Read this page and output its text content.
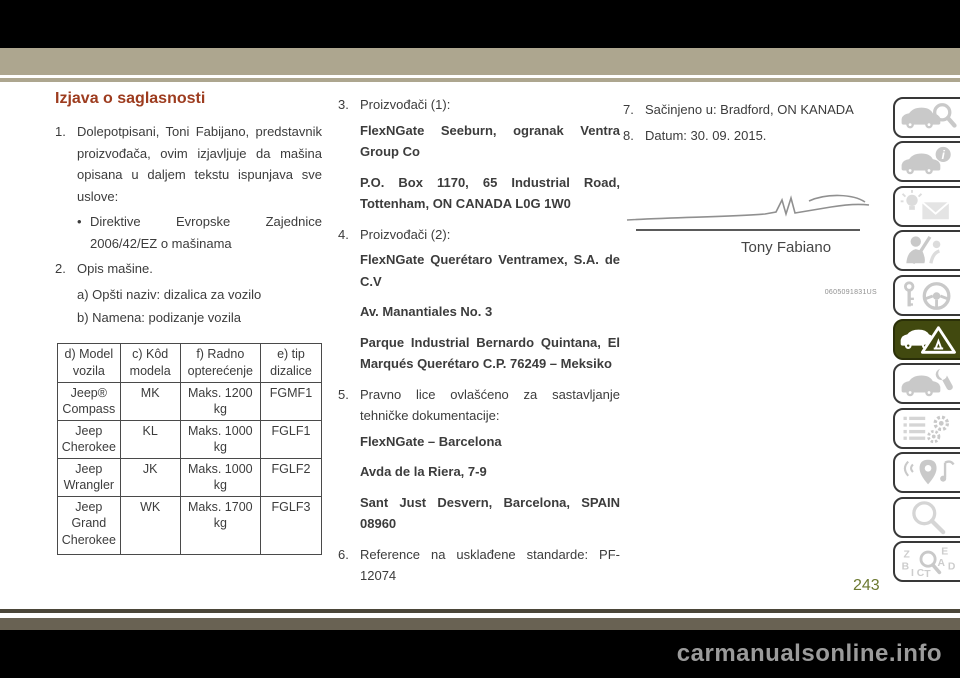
carmanualsonline.info
243
Izjava o saglasnosti
1. Dolepotpisani, Toni Fabijano, predstavnik proizvođača, ovim izjavljuje da mašina opisana u daljem tekstu ispunjava sve uslove:
• Direktive Evropske Zajednice 2006/42/EZ o mašinama
2. Opis mašine.
a) Opšti naziv: dizalica za vozilo
b) Namena: podizanje vozila
d) Model vozila	c) Kôd modela	f) Radno opterećenje	e) tip dizalice
Jeep® Compass	MK	Maks. 1200 kg	FGMF1
Jeep Cherokee	KL	Maks. 1000 kg	FGLF1
Jeep Wrangler	JK	Maks. 1000 kg	FGLF2
Jeep Grand Cherokee	WK	Maks. 1700 kg	FGLF3
3. Proizvođači (1):

FlexNGate Seeburn, ogranak Ventra Group Co

P.O. Box 1170, 65 Industrial Road, Tottenham, ON CANADA L0G 1W0

4. Proizvođači (2):

FlexNGate Querétaro Ventramex, S.A. de C.V

Av. Manantiales No. 3

Parque Industrial Bernardo Quintana, El Marqués Querétaro C.P. 76249 – Meksiko

5. Pravno lice ovlašćeno za sastavljanje tehničke dokumentacije:

FlexNGate – Barcelona

Avda de la Riera, 7-9

Sant Just Desvern, Barcelona, SPAIN 08960

6. Reference na usklađene standarde: PF-12074
7. Sačinjeno u: Bradford, ON KANADA
8. Datum: 30. 09. 2015.
Tony Fabiano
0605091831US
i
Z	E
B	A D
I C T
